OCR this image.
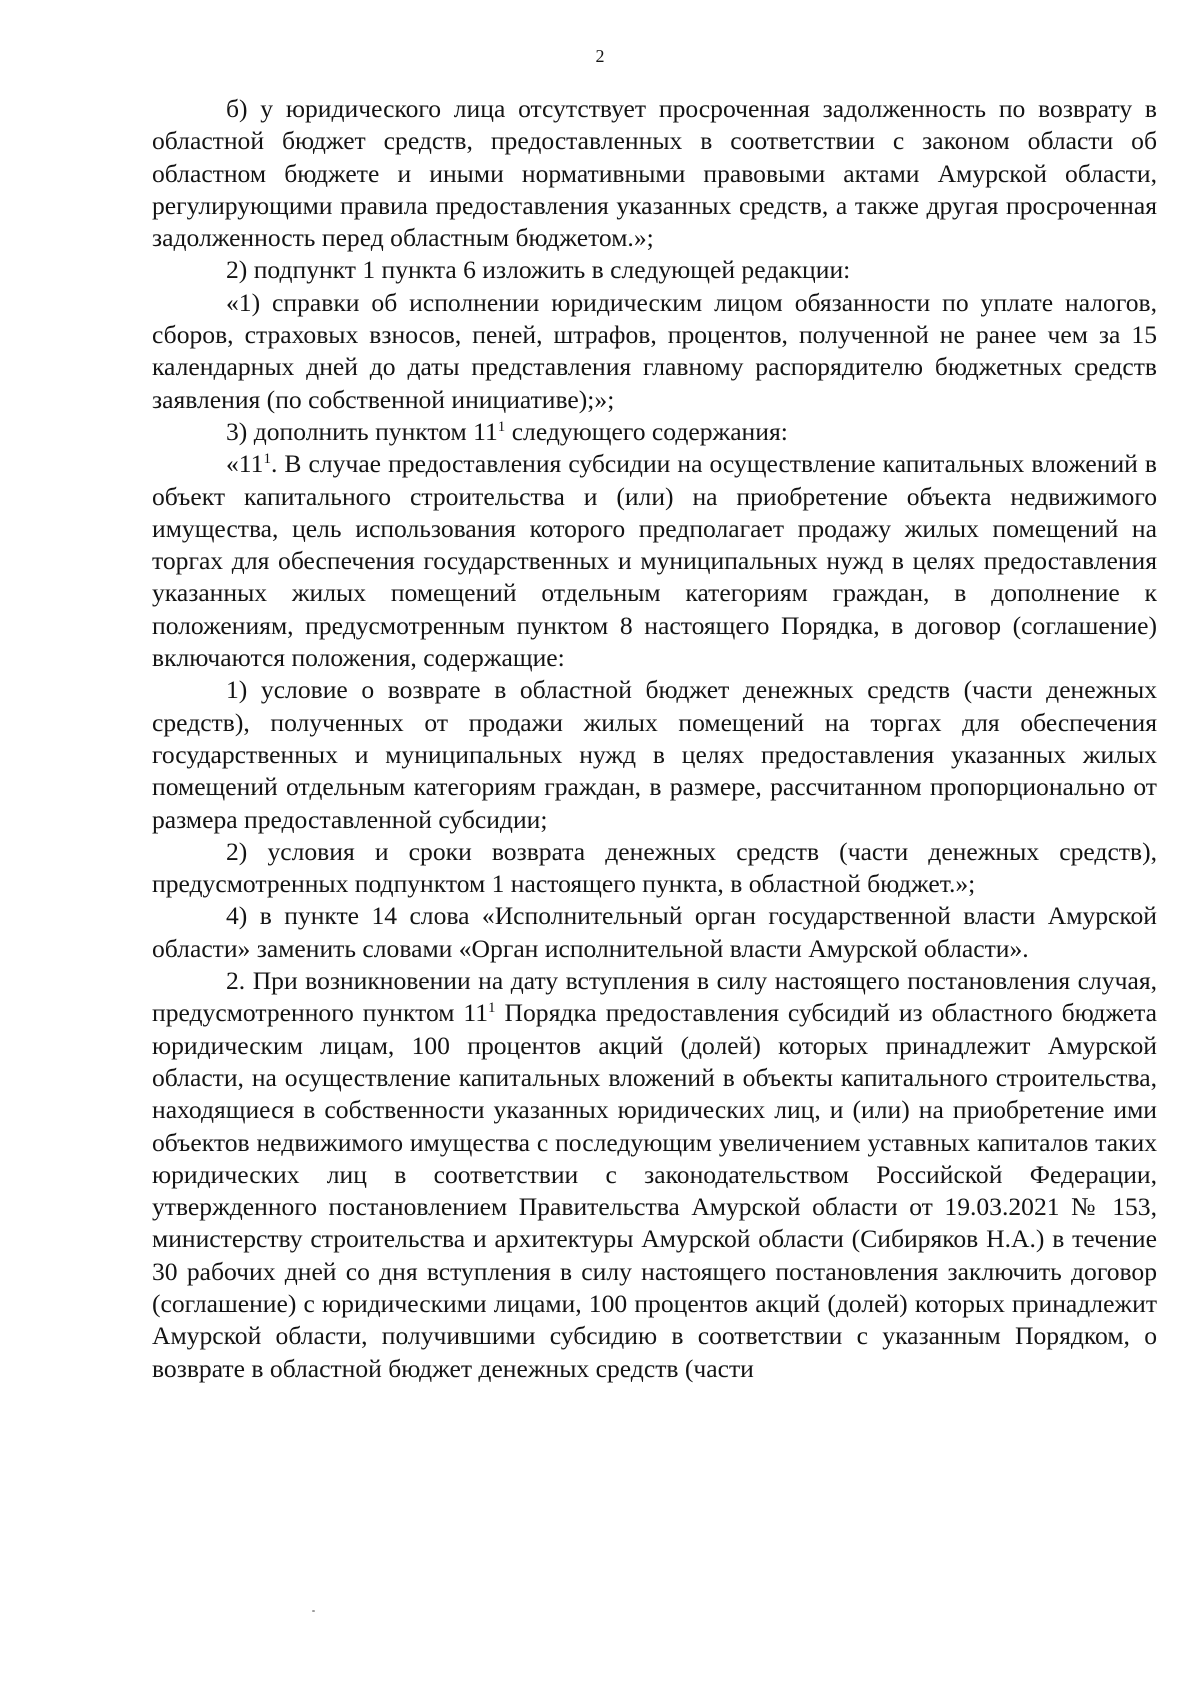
2

б) у юридического лица отсутствует просроченная задолженность по возврату в областной бюджет средств, предоставленных в соответствии с законом области об областном бюджете и иными нормативными правовыми актами Амурской области, регулирующими правила предоставления указанных средств, а также другая просроченная задолженность перед областным бюджетом.»;

2) подпункт 1 пункта 6 изложить в следующей редакции:

«1) справки об исполнении юридическим лицом обязанности по уплате налогов, сборов, страховых взносов, пеней, штрафов, процентов, полученной не ранее чем за 15 календарных дней до даты представления главному распорядителю бюджетных средств заявления (по собственной инициативе);»;

3) дополнить пунктом $11^1$ следующего содержания:

«$11^1$. В случае предоставления субсидии на осуществление капитальных вложений в объект капитального строительства и (или) на приобретение объекта недвижимого имущества, цель использования которого предполагает продажу жилых помещений на торгах для обеспечения государственных и муниципальных нужд в целях предоставления указанных жилых помещений отдельным категориям граждан, в дополнение к положениям, предусмотренным пунктом 8 настоящего Порядка, в договор (соглашение) включаются положения, содержащие:

1) условие о возврате в областной бюджет денежных средств (части денежных средств), полученных от продажи жилых помещений на торгах для обеспечения государственных и муниципальных нужд в целях предоставления указанных жилых помещений отдельным категориям граждан, в размере, рассчитанном пропорционально от размера предоставленной субсидии;

2) условия и сроки возврата денежных средств (части денежных средств), предусмотренных подпунктом 1 настоящего пункта, в областной бюджет.»;

4) в пункте 14 слова «Исполнительный орган государственной власти Амурской области» заменить словами «Орган исполнительной власти Амурской области».

2. При возникновении на дату вступления в силу настоящего постановления случая, предусмотренного пунктом $11^1$ Порядка предоставления субсидий из областного бюджета юридическим лицам, 100 процентов акций (долей) которых принадлежит Амурской области, на осуществление капитальных вложений в объекты капитального строительства, находящиеся в собственности указанных юридических лиц, и (или) на приобретение ими объектов недвижимого имущества с последующим увеличением уставных капиталов таких юридических лиц в соответствии с законодательством Российской Федерации, утвержденного постановлением Правительства Амурской области от 19.03.2021 № 153, министерству строительства и архитектуры Амурской области (Сибиряков Н.А.) в течение 30 рабочих дней со дня вступления в силу настоящего постановления заключить договор (соглашение) с юридическими лицами, 100 процентов акций (долей) которых принадлежит Амурской области, получившими субсидию в соответствии с указанным Порядком, о возврате в областной бюджет денежных средств (части
